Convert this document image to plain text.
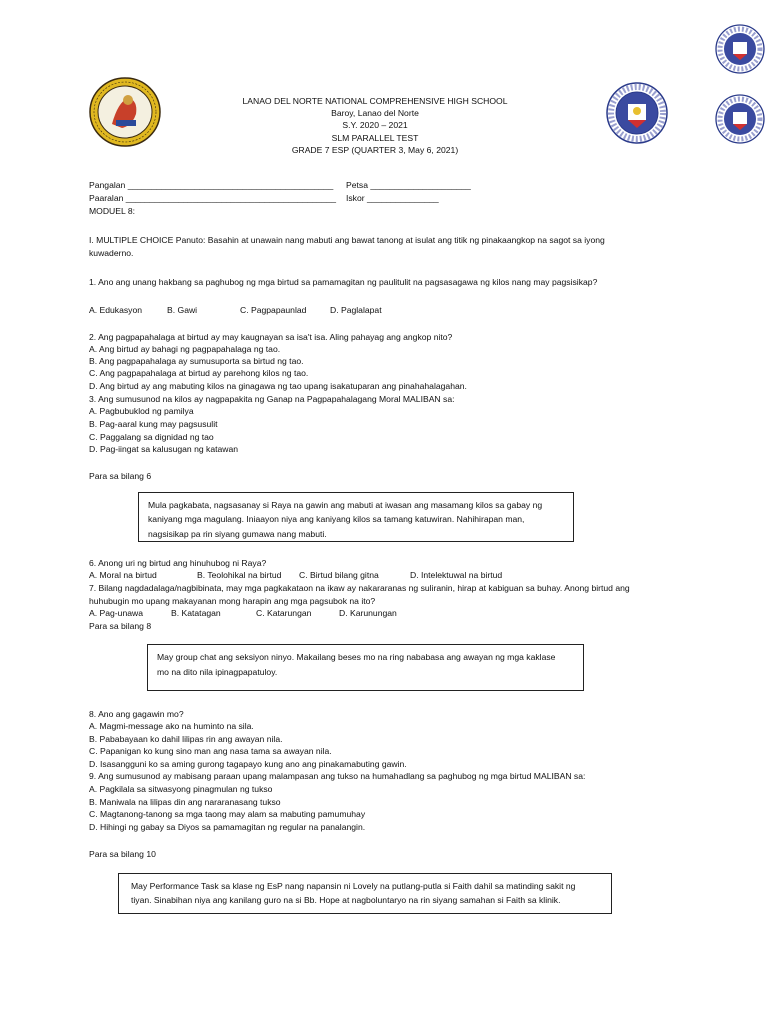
LANAO DEL NORTE NATIONAL COMPREHENSIVE HIGH SCHOOL
Baroy, Lanao del Norte
S.Y. 2020 – 2021
SLM PARALLEL TEST
GRADE 7 ESP (QUARTER 3, May 6, 2021)
Pangalan ___________________________________________ Petsa _____________________
Paaralan ____________________________________________ Iskor _______________
MODUEL 8:
I. MULTIPLE CHOICE Panuto: Basahin at unawain nang mabuti ang bawat tanong at isulat ang titik ng pinakaangkop na sagot sa iyong
kuwaderno.
1. Ano ang unang hakbang sa paghubog ng mga birtud sa pamamagitan ng paulitulit na pagsasagawa ng kilos nang may pagsisikap?
A. Edukasyon	B. Gawi	C. Pagpapaunlad	D. Paglalapat
2. Ang pagpapahalaga at birtud ay may kaugnayan sa isa't isa. Aling pahayag ang angkop nito?
A. Ang birtud ay bahagi ng pagpapahalaga ng tao.
B. Ang pagpapahalaga ay sumusuporta sa birtud ng tao.
C. Ang pagpapahalaga at birtud ay parehong kilos ng tao.
D. Ang birtud ay ang mabuting kilos na ginagawa ng tao upang isakatuparan ang pinahahalagahan.
3. Ang sumusunod na kilos ay nagpapakita ng Ganap na Pagpapahalagang Moral MALIBAN sa:
A. Pagbubuklod ng pamilya
B. Pag-aaral kung may pagsusulit
C. Paggalang sa dignidad ng tao
D. Pag-iingat sa kalusugan ng katawan
Para sa bilang 6
Mula pagkabata, nagsasanay si Raya na gawin ang mabuti at iwasan ang masamang kilos sa gabay ng
kaniyang mga magulang. Iniaayon niya ang kaniyang kilos sa tamang katuwiran. Nahihirapan man,
nagsisikap pa rin siyang gumawa nang mabuti.
6. Anong uri ng birtud ang hinuhubog ni Raya?
A. Moral na birtud	B. Teolohikal na birtud C. Birtud bilang gitna	D. Intelektuwal na birtud
7. Bilang nagdadalaga/nagbibinata, may mga pagkakataon na ikaw ay nakararanas ng suliranin, hirap at kabiguan sa buhay. Anong birtud ang
huhubugin mo upang makayanan mong harapin ang mga pagsubok na ito?
A. Pag-unawa	B. Katatagan	C. Katarungan	D. Karunungan
Para sa bilang 8
May group chat ang seksiyon ninyo. Makailang beses mo na ring nababasa ang awayan ng mga kaklase
mo na dito nila ipinagpapatuloy.
8. Ano ang gagawin mo?
A. Magmi-message ako na huminto na sila.
B. Pababayaan ko dahil lilipas rin ang awayan nila.
C. Papanigan ko kung sino man ang nasa tama sa awayan nila.
D. Isasangguni ko sa aming gurong tagapayo kung ano ang pinakamabuting gawin.
9. Ang sumusunod ay mabisang paraan upang malampasan ang tukso na humahadlang sa paghubog ng mga birtud MALIBAN sa:
A. Pagkilala sa sitwasyong pinagmulan ng tukso
B. Maniwala na lilipas din ang nararanasang tukso
C. Magtanong-tanong sa mga taong may alam sa mabuting pamumuhay
D. Hihingi ng gabay sa Diyos sa pamamagitan ng regular na panalangin.
Para sa bilang 10
May Performance Task sa klase ng EsP nang napansin ni Lovely na putlang-putla si Faith dahil sa matinding sakit ng
tiyan. Sinabihan niya ang kanilang guro na si Bb. Hope at nagboluntaryo na rin siyang samahan si Faith sa klinik.
